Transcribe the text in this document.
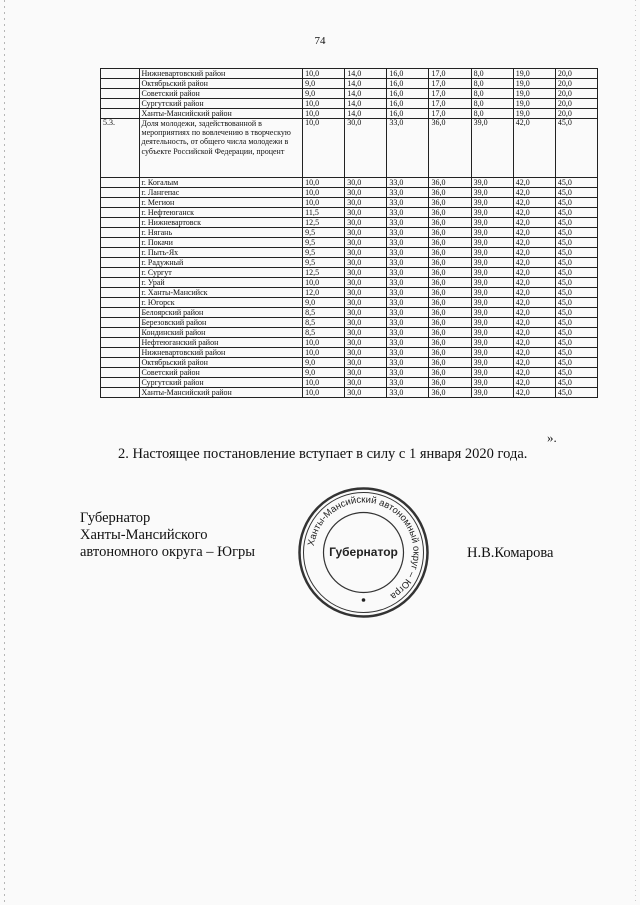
74
	Нижневартовский район	10,0	14,0	16,0	17,0	8,0	19,0	20,0
	Октябрьский район	9,0	14,0	16,0	17,0	8,0	19,0	20,0
	Советский район	9,0	14,0	16,0	17,0	8,0	19,0	20,0
	Сургутский район	10,0	14,0	16,0	17,0	8,0	19,0	20,0
	Ханты-Мансийский район	10,0	14,0	16,0	17,0	8,0	19,0	20,0
5.3.	Доля молодежи, задействованной в мероприятиях по вовлечению в творческую деятельность, от общего числа молодежи в субъекте Российской Федерации, процент	10,0	30,0	33,0	36,0	39,0	42,0	45,0
	г. Когалым	10,0	30,0	33,0	36,0	39,0	42,0	45,0
	г. Лангепас	10,0	30,0	33,0	36,0	39,0	42,0	45,0
	г. Мегион	10,0	30,0	33,0	36,0	39,0	42,0	45,0
	г. Нефтеюганск	11,5	30,0	33,0	36,0	39,0	42,0	45,0
	г. Нижневартовск	12,5	30,0	33,0	36,0	39,0	42,0	45,0
	г. Нягань	9,5	30,0	33,0	36,0	39,0	42,0	45,0
	г. Покачи	9,5	30,0	33,0	36,0	39,0	42,0	45,0
	г. Пыть-Ях	9,5	30,0	33,0	36,0	39,0	42,0	45,0
	г. Радужный	9,5	30,0	33,0	36,0	39,0	42,0	45,0
	г. Сургут	12,5	30,0	33,0	36,0	39,0	42,0	45,0
	г. Урай	10,0	30,0	33,0	36,0	39,0	42,0	45,0
	г. Ханты-Мансийск	12,0	30,0	33,0	36,0	39,0	42,0	45,0
	г. Югорск	9,0	30,0	33,0	36,0	39,0	42,0	45,0
	Белоярский район	8,5	30,0	33,0	36,0	39,0	42,0	45,0
	Березовский район	8,5	30,0	33,0	36,0	39,0	42,0	45,0
	Кондинский район	8,5	30,0	33,0	36,0	39,0	42,0	45,0
	Нефтеюганский район	10,0	30,0	33,0	36,0	39,0	42,0	45,0
	Нижневартовский район	10,0	30,0	33,0	36,0	39,0	42,0	45,0
	Октябрьский район	9,0	30,0	33,0	36,0	39,0	42,0	45,0
	Советский район	9,0	30,0	33,0	36,0	39,0	42,0	45,0
	Сургутский район	10,0	30,0	33,0	36,0	39,0	42,0	45,0
	Ханты-Мансийский район	10,0	30,0	33,0	36,0	39,0	42,0	45,0
».
2. Настоящее постановление вступает в силу с 1 января 2020 года.
Губернатор
Ханты-Мансийского
автономного округа – Югры
Ханты-Мансийский автономный округ – Югра
Губернатор	Н.В.Комарова
